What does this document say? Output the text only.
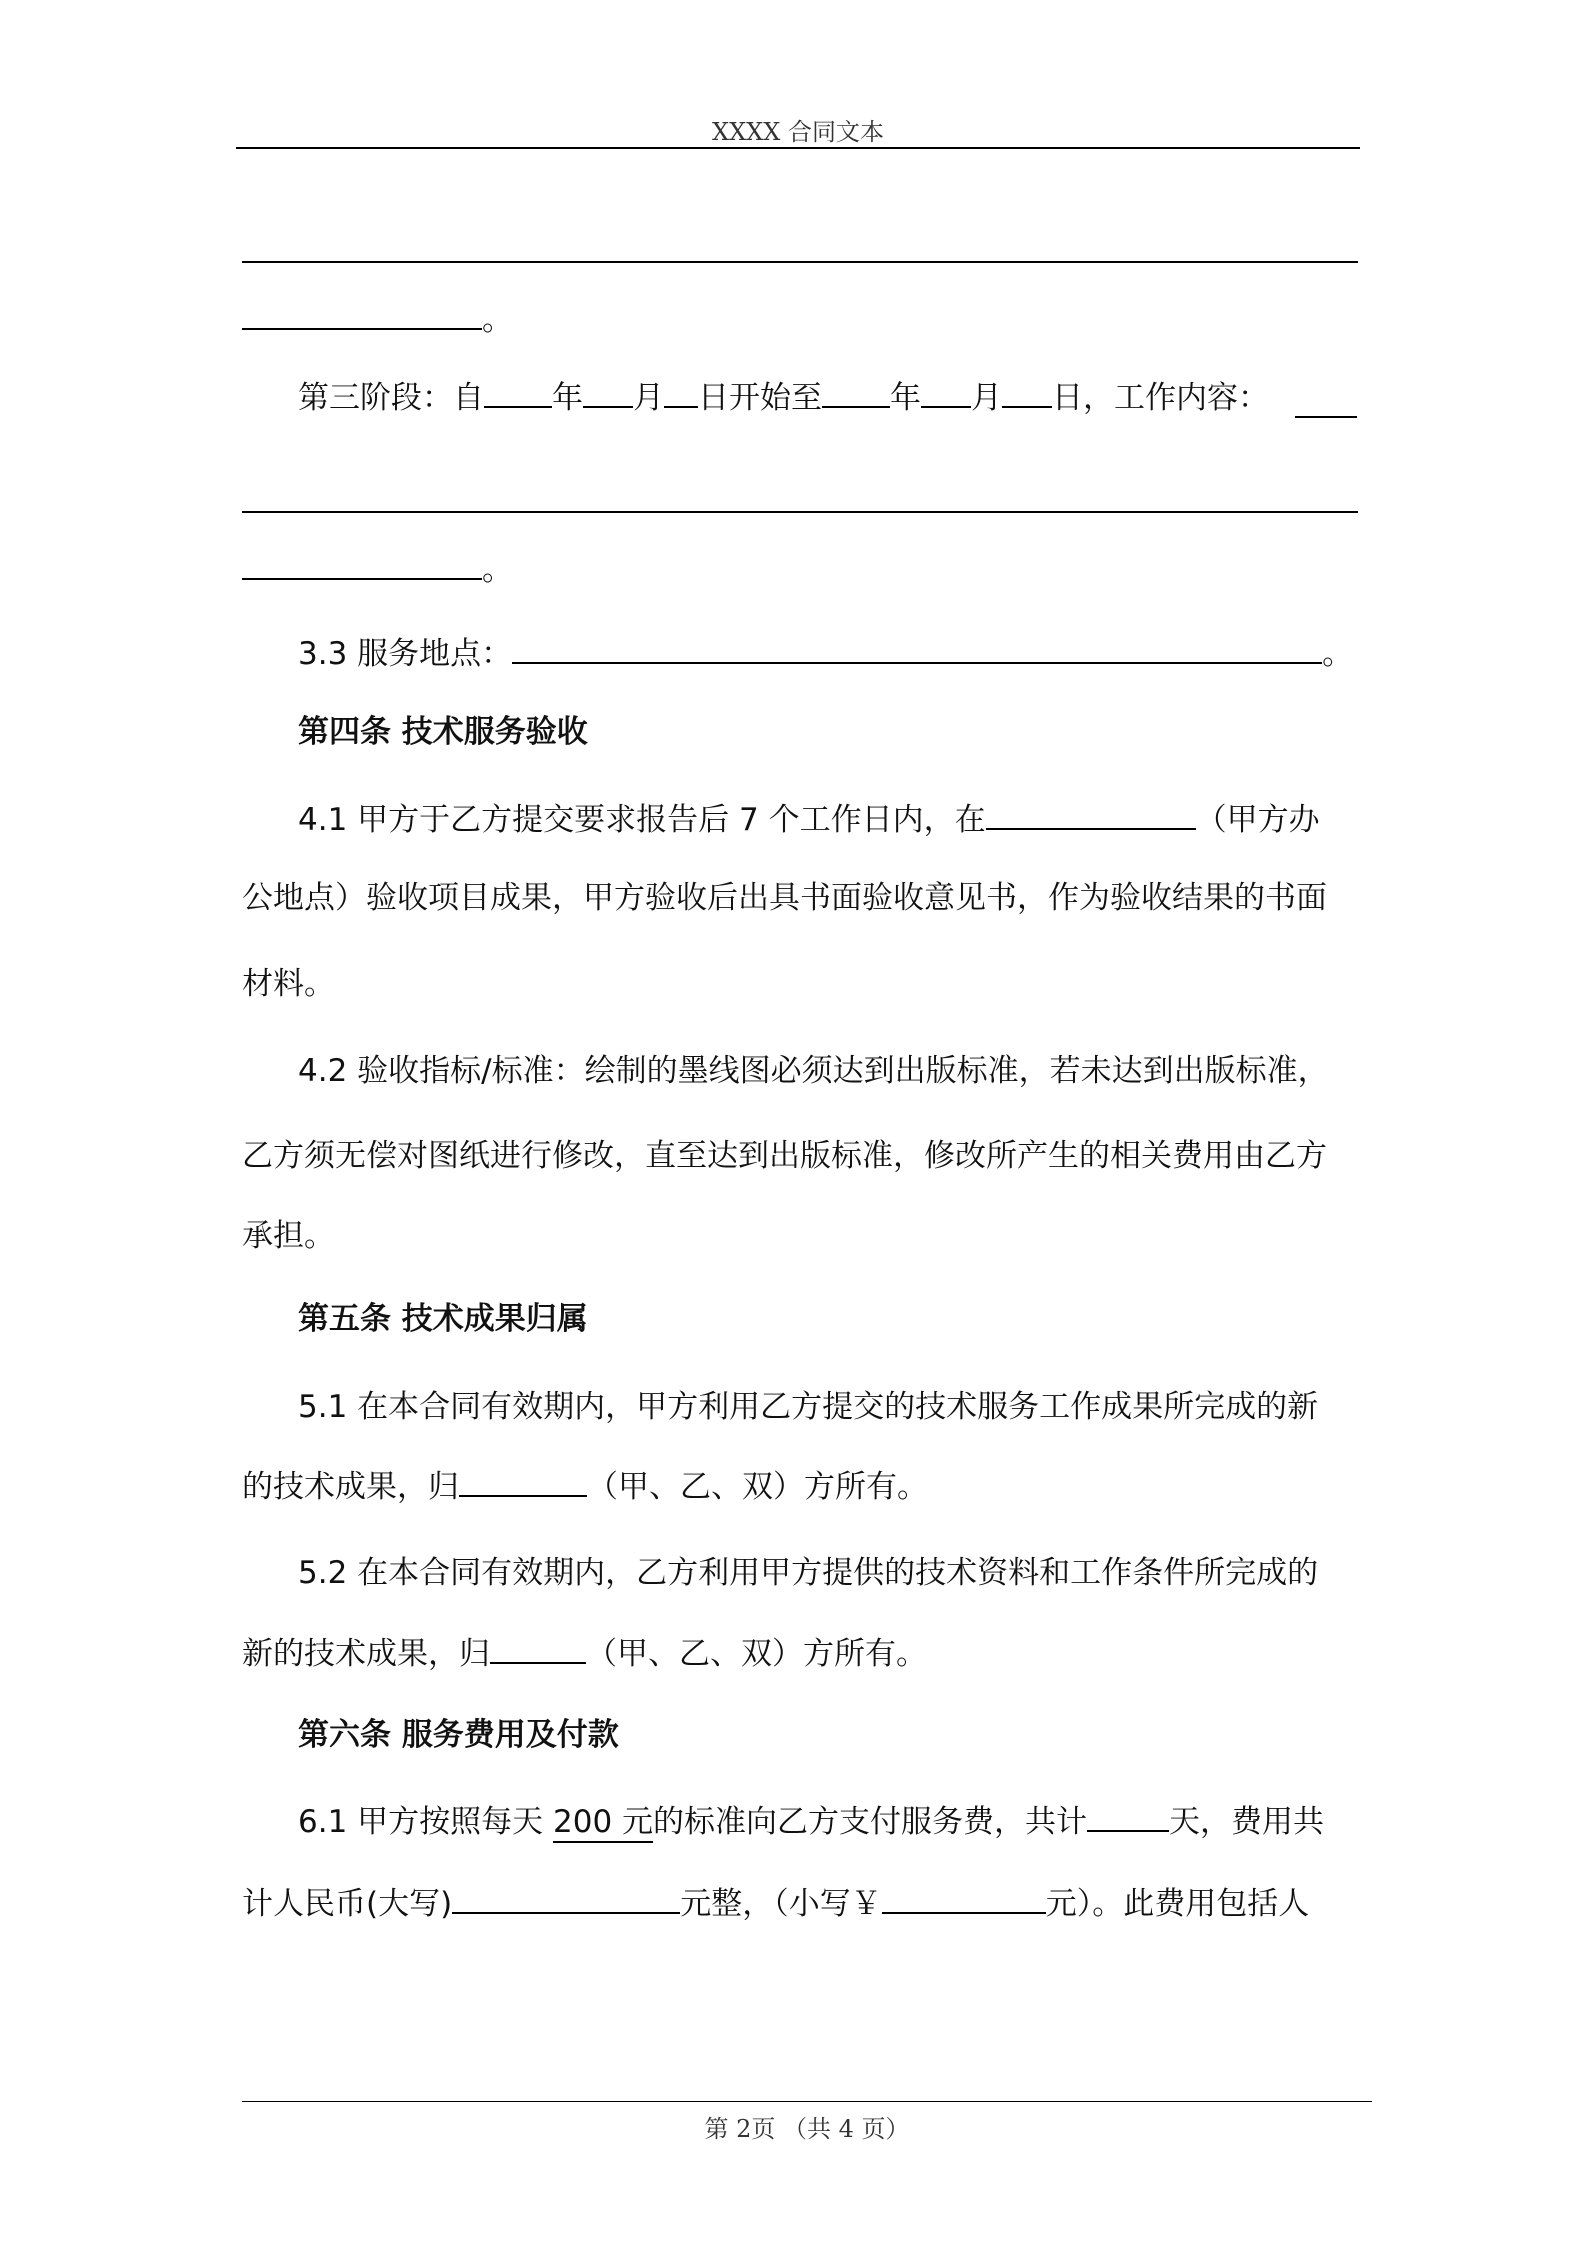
XXXX 合同文本
。
第三阶段：自 年 月 日开始至 年 月 日，工作内容：
。
3.3 服务地点：	。
第四条 技术服务验收
4.1 甲方于乙方提交要求报告后 7 个工作日内，在	（甲方办
公地点）验收项目成果，甲方验收后出具书面验收意见书，作为验收结果的书面
材料。
4.2 验收指标/标准：绘制的墨线图必须达到出版标准，若未达到出版标准，
乙方须无偿对图纸进行修改，直至达到出版标准，修改所产生的相关费用由乙方
承担。
第五条 技术成果归属
5.1 在本合同有效期内，甲方利用乙方提交的技术服务工作成果所完成的新
的技术成果，归	（甲、乙、双）方所有。
5.2 在本合同有效期内，乙方利用甲方提供的技术资料和工作条件所完成的
新的技术成果，归	（甲、乙、双）方所有。
第六条 服务费用及付款
6.1 甲方按照每天 200 元的标准向乙方支付服务费，共计	天，费用共
计人民币(大写)	元整，（小写￥	元）。此费用包括人
第 2页 （共 4 页）
